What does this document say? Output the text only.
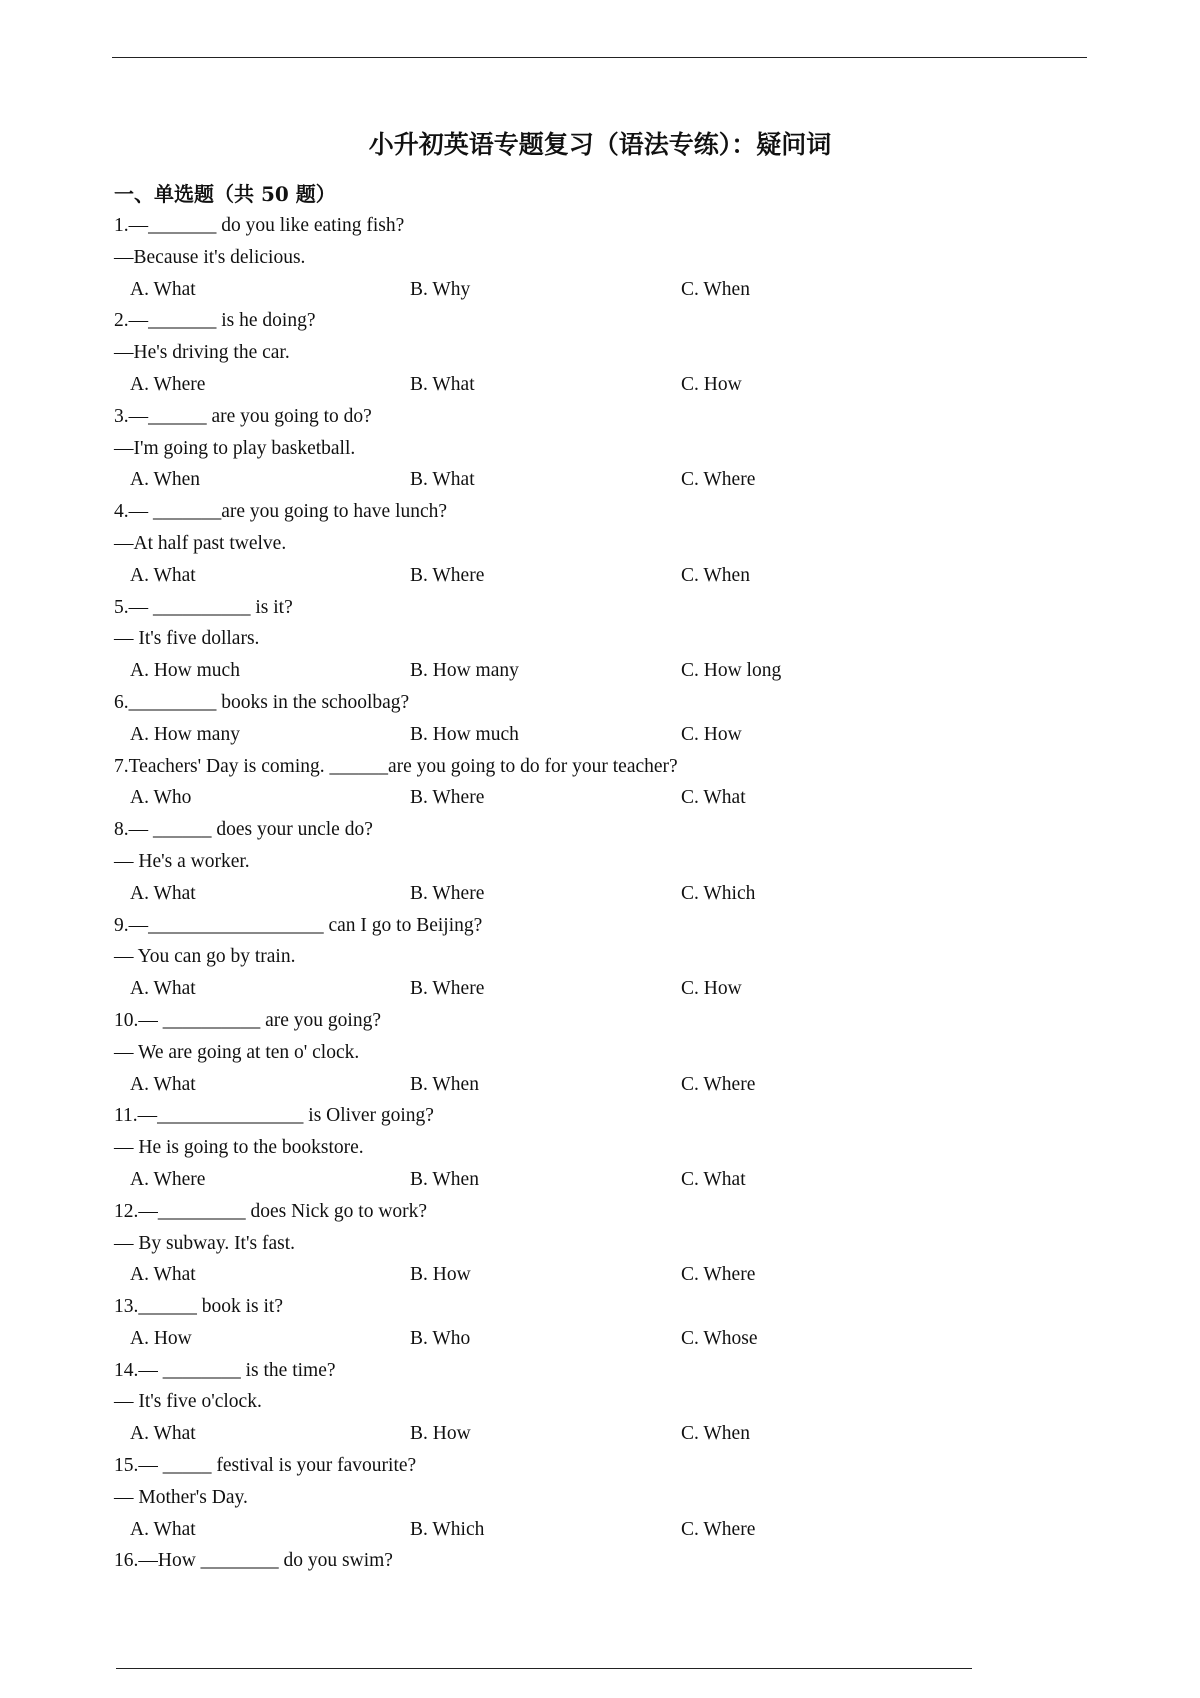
小升初英语专题复习（语法专练）：疑问词
一、单选题（共 50 题）
1.—_______ do you like eating fish?
—Because it's delicious.
A. What	B. Why	C. When
2.—_______ is he doing?
—He's driving the car.
A. Where	B. What	C. How
3.—______ are you going to do?
—I'm going to play basketball.
A. When	B. What	C. Where
4.— _______are you going to have lunch?
—At half past twelve.
A. What	B. Where	C. When
5.— __________ is it?
— It's five dollars.
A. How much	B. How many	C. How long
6._________ books in the schoolbag?
A. How many	B. How much	C. How
7.Teachers' Day is coming. ______are you going to do for your teacher?
A. Who	B. Where	C. What
8.— ______ does your uncle do?
— He's a worker.
A. What	B. Where	C. Which
9.—__________________ can I go to Beijing?
— You can go by train.
A. What	B. Where	C. How
10.— __________ are you going?
— We are going at ten o' clock.
A. What	B. When	C. Where
11.—_______________ is Oliver going?
— He is going to the bookstore.
A. Where	B. When	C. What
12.—_________ does Nick go to work?
— By subway. It's fast.
A. What	B. How	C. Where
13.______ book is it?
A. How	B. Who	C. Whose
14.— ________ is the time?
— It's five o'clock.
A. What	B. How	C. When
15.— _____ festival is your favourite?
— Mother's Day.
A. What	B. Which	C. Where
16.—How ________ do you swim?
